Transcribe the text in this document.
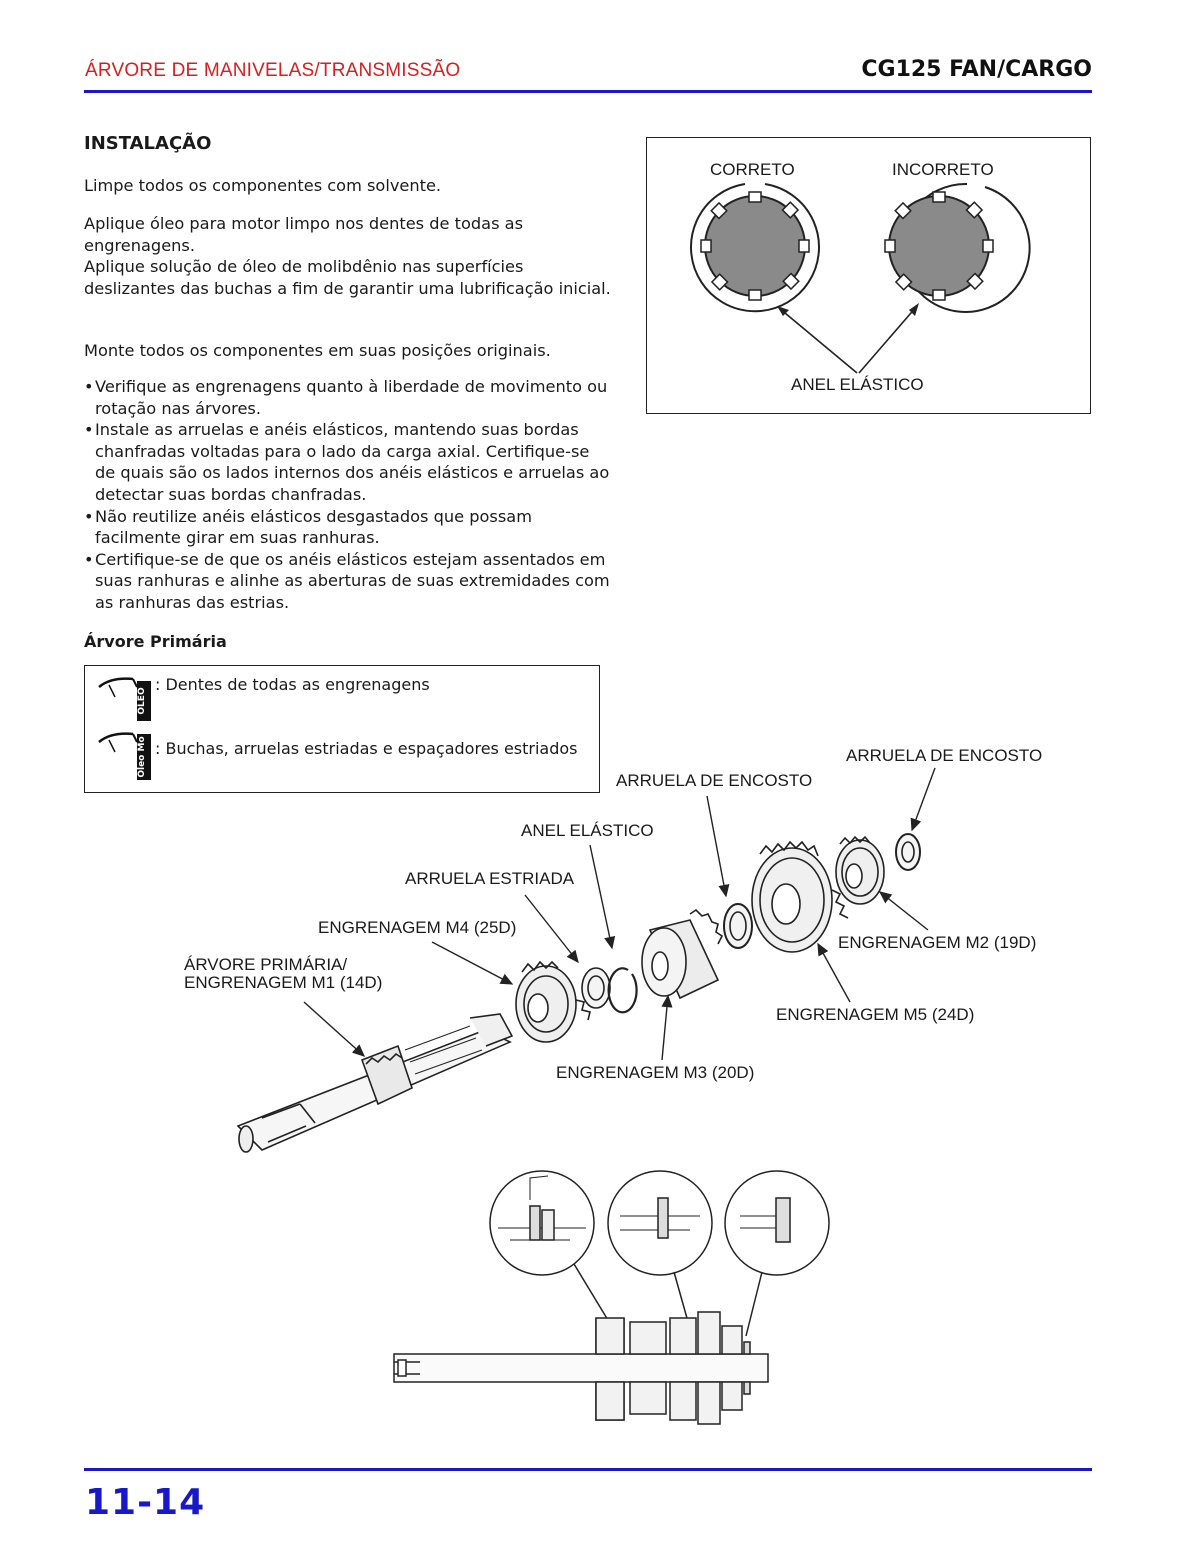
ÁRVORE DE MANIVELAS/TRANSMISSÃO	CG125 FAN/CARGO
INSTALAÇÃO
Limpe todos os componentes com solvente.
Aplique óleo para motor limpo nos dentes de todas as engrenagens.
Aplique solução de óleo de molibdênio nas superfícies deslizantes das buchas a fim de garantir uma lubrificação inicial.
Monte todos os componentes em suas posições originais.
• Verifique as engrenagens quanto à liberdade de movimento ou rotação nas árvores.
• Instale as arruelas e anéis elásticos, mantendo suas bordas chanfradas voltadas para o lado da carga axial. Certifique-se de quais são os lados internos dos anéis elásticos e arruelas ao detectar suas bordas chanfradas.
• Não reutilize anéis elásticos desgastados que possam facilmente girar em suas ranhuras.
• Certifique-se de que os anéis elásticos estejam assentados em suas ranhuras e alinhe as aberturas de suas extremidades com as ranhuras das estrias.
Árvore Primária
ÓLEO
: Dentes de todas as engrenagens
Óleo Mo : Buchas, arruelas estriadas e espaçadores estriados
CORRETO	INCORRETO
ANEL ELÁSTICO
ARRUELA DE ENCOSTO
ARRUELA DE ENCOSTO
ANEL ELÁSTICO
ARRUELA ESTRIADA
ENGRENAGEM M4 (25D)
ÁRVORE PRIMÁRIA/
ENGRENAGEM M1 (14D)
ENGRENAGEM M2 (19D)
ENGRENAGEM M5 (24D)
ENGRENAGEM M3 (20D)
11-14
